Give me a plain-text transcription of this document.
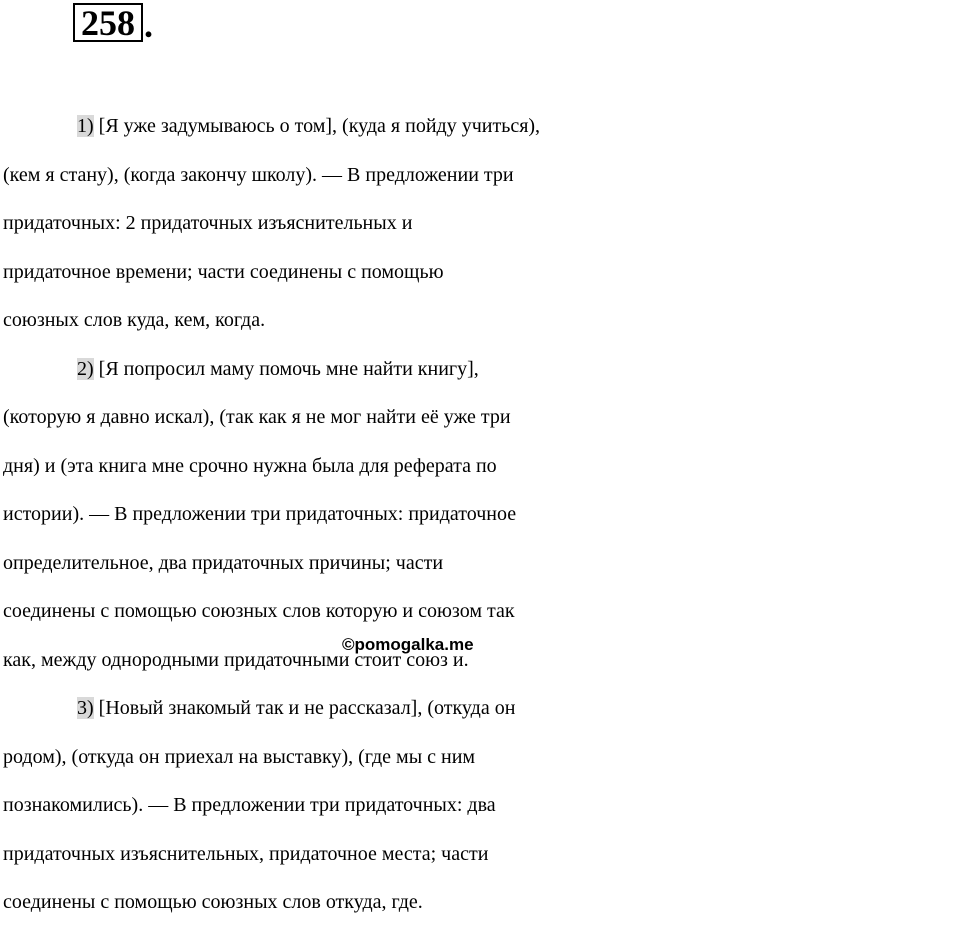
258 .

1) [Я уже задумываюсь о том], (куда я пойду учиться),
(кем я стану), (когда закончу школу). — В предложении три
придаточных: 2 придаточных изъяснительных и
придаточное времени; части соединены с помощью
союзных слов куда, кем, когда.

2) [Я попросил маму помочь мне найти книгу],
(которую я давно искал), (так как я не мог найти её уже три
дня) и (эта книга мне срочно нужна была для реферата по
истории). — В предложении три придаточных: придаточное
определительное, два придаточных причины; части
соединены с помощью союзных слов которую и союзом так
как, между однородными придаточными стоит союз и.

3) [Новый знакомый так и не рассказал], (откуда он
родом), (откуда он приехал на выставку), (где мы с ним
познакомились). — В предложении три придаточных: два
придаточных изъяснительных, придаточное места; части
соединены с помощью союзных слов откуда, где.

©pomogalka.me
